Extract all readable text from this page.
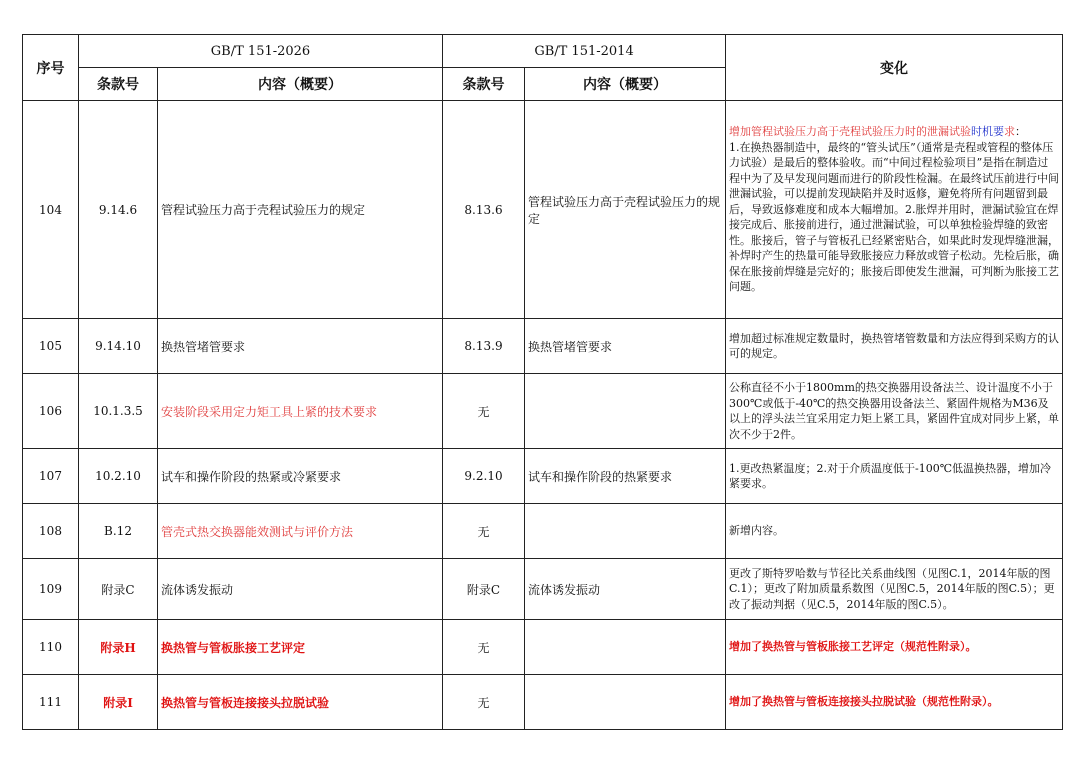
序号	GB/T 151-2026		GB/T 151-2014		变化
	条款号	内容（概要）	条款号	内容（概要）	
104	9.14.6	管程试验压力高于壳程试验压力的规定	8.13.6	管程试验压力高于壳程试验压力的规定	增加管程试验压力高于壳程试验压力时的泄漏试验时机要求：
1.在换热器制造中，最终的“管头试压”（通常是壳程或管程的整体压力试验）是最后的整体验收。而“中间过程检验项目”是指在制造过程中为了及早发现问题而进行的阶段性检漏。在最终试压前进行中间泄漏试验，可以提前发现缺陷并及时返修，避免将所有问题留到最后，导致返修难度和成本大幅增加。2.胀焊并用时，泄漏试验宜在焊接完成后、胀接前进行，通过泄漏试验，可以单独检验焊缝的致密性。胀接后，管子与管板孔已经紧密贴合，如果此时发现焊缝泄漏，补焊时产生的热量可能导致胀接应力释放或管子松动。先检后胀，确保在胀接前焊缝是完好的；胀接后即使发生泄漏，可判断为胀接工艺问题。
105	9.14.10	换热管堵管要求	8.13.9	换热管堵管要求	增加超过标准规定数量时，换热管堵管数量和方法应得到采购方的认可的规定。
106	10.1.3.5	安装阶段采用定力矩工具上紧的技术要求	无		公称直径不小于1800mm的热交换器用设备法兰、设计温度不小于300℃或低于-40℃的热交换器用设备法兰、紧固件规格为M36及以上的浮头法兰宜采用定力矩上紧工具，紧固件宜成对同步上紧，单次不少于2件。
107	10.2.10	试车和操作阶段的热紧或冷紧要求	9.2.10	试车和操作阶段的热紧要求	1.更改热紧温度；2.对于介质温度低于-100℃低温换热器，增加冷紧要求。
108	B.12	管壳式热交换器能效测试与评价方法	无		新增内容。
109	附录C	流体诱发振动	附录C	流体诱发振动	更改了斯特罗哈数与节径比关系曲线图（见图C.1，2014年版的图C.1）；更改了附加质量系数图（见图C.5，2014年版的图C.5）；更改了振动判据（见C.5，2014年版的图C.5）。
110	附录H	换热管与管板胀接工艺评定	无		增加了换热管与管板胀接工艺评定（规范性附录）。
111	附录I	换热管与管板连接接头拉脱试验	无		增加了换热管与管板连接接头拉脱试验（规范性附录）。
